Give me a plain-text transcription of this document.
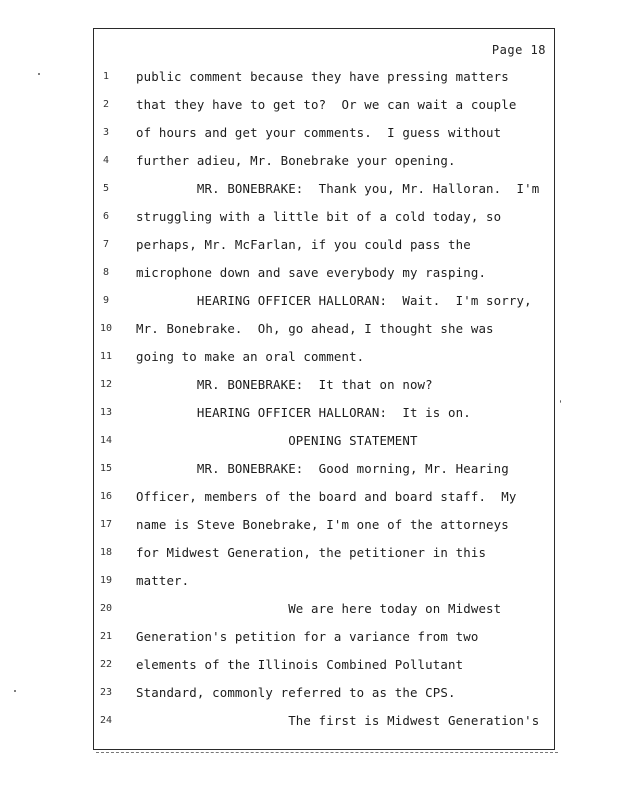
Page 18
1	public comment because they have pressing matters
2	that they have to get to?  Or we can wait a couple
3	of hours and get your comments.  I guess without
4	further adieu, Mr. Bonebrake your opening.
5	MR. BONEBRAKE:  Thank you, Mr. Halloran.  I'm
6	struggling with a little bit of a cold today, so
7	perhaps, Mr. McFarlan, if you could pass the
8	microphone down and save everybody my rasping.
9	HEARING OFFICER HALLORAN:  Wait.  I'm sorry,
10	Mr. Bonebrake.  Oh, go ahead, I thought she was
11	going to make an oral comment.
12	MR. BONEBRAKE:  It that on now?
13	HEARING OFFICER HALLORAN:  It is on.
14	OPENING STATEMENT
15	MR. BONEBRAKE:  Good morning, Mr. Hearing
16	Officer, members of the board and board staff.  My
17	name is Steve Bonebrake, I'm one of the attorneys
18	for Midwest Generation, the petitioner in this
19	matter.
20	We are here today on Midwest
21	Generation's petition for a variance from two
22	elements of the Illinois Combined Pollutant
23	Standard, commonly referred to as the CPS.
24	The first is Midwest Generation's
